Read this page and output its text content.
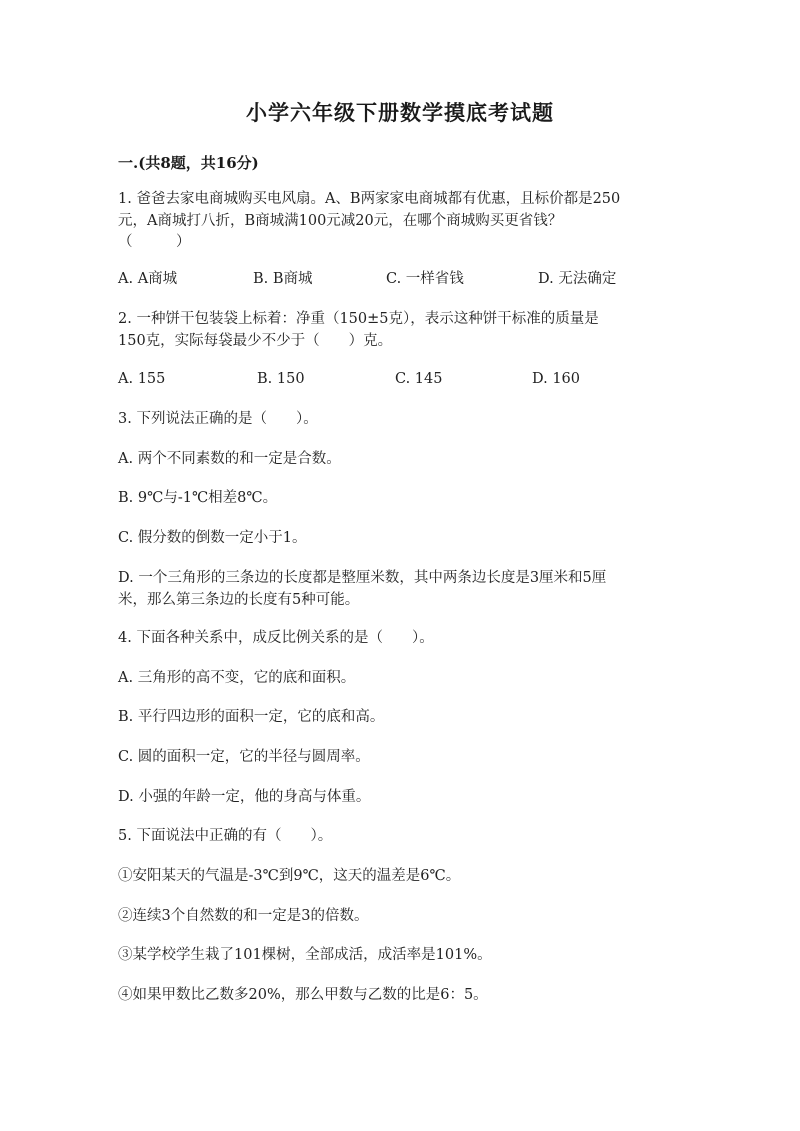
小学六年级下册数学摸底考试题
一.(共8题，共16分)
1. 爸爸去家电商城购买电风扇。A、B两家家电商城都有优惠，且标价都是250
元，A商城打八折，B商城满100元减20元，在哪个商城购买更省钱？
（　　　）
A. A商城	B. B商城	C. 一样省钱	D. 无法确定
2. 一种饼干包装袋上标着：净重（150±5克），表示这种饼干标准的质量是
150克，实际每袋最少不少于（　　）克。
A. 155	B. 150	C. 145	D. 160
3. 下列说法正确的是（　　）。
A. 两个不同素数的和一定是合数。
B. 9℃与-1℃相差8℃。
C. 假分数的倒数一定小于1。
D. 一个三角形的三条边的长度都是整厘米数，其中两条边长度是3厘米和5厘
米，那么第三条边的长度有5种可能。
4. 下面各种关系中，成反比例关系的是（　　）。
A. 三角形的高不变，它的底和面积。
B. 平行四边形的面积一定，它的底和高。
C. 圆的面积一定，它的半径与圆周率。
D. 小强的年龄一定，他的身高与体重。
5. 下面说法中正确的有（　　）。
①安阳某天的气温是-3℃到9℃，这天的温差是6℃。
②连续3个自然数的和一定是3的倍数。
③某学校学生栽了101棵树，全部成活，成活率是101%。
④如果甲数比乙数多20%，那么甲数与乙数的比是6：5。
